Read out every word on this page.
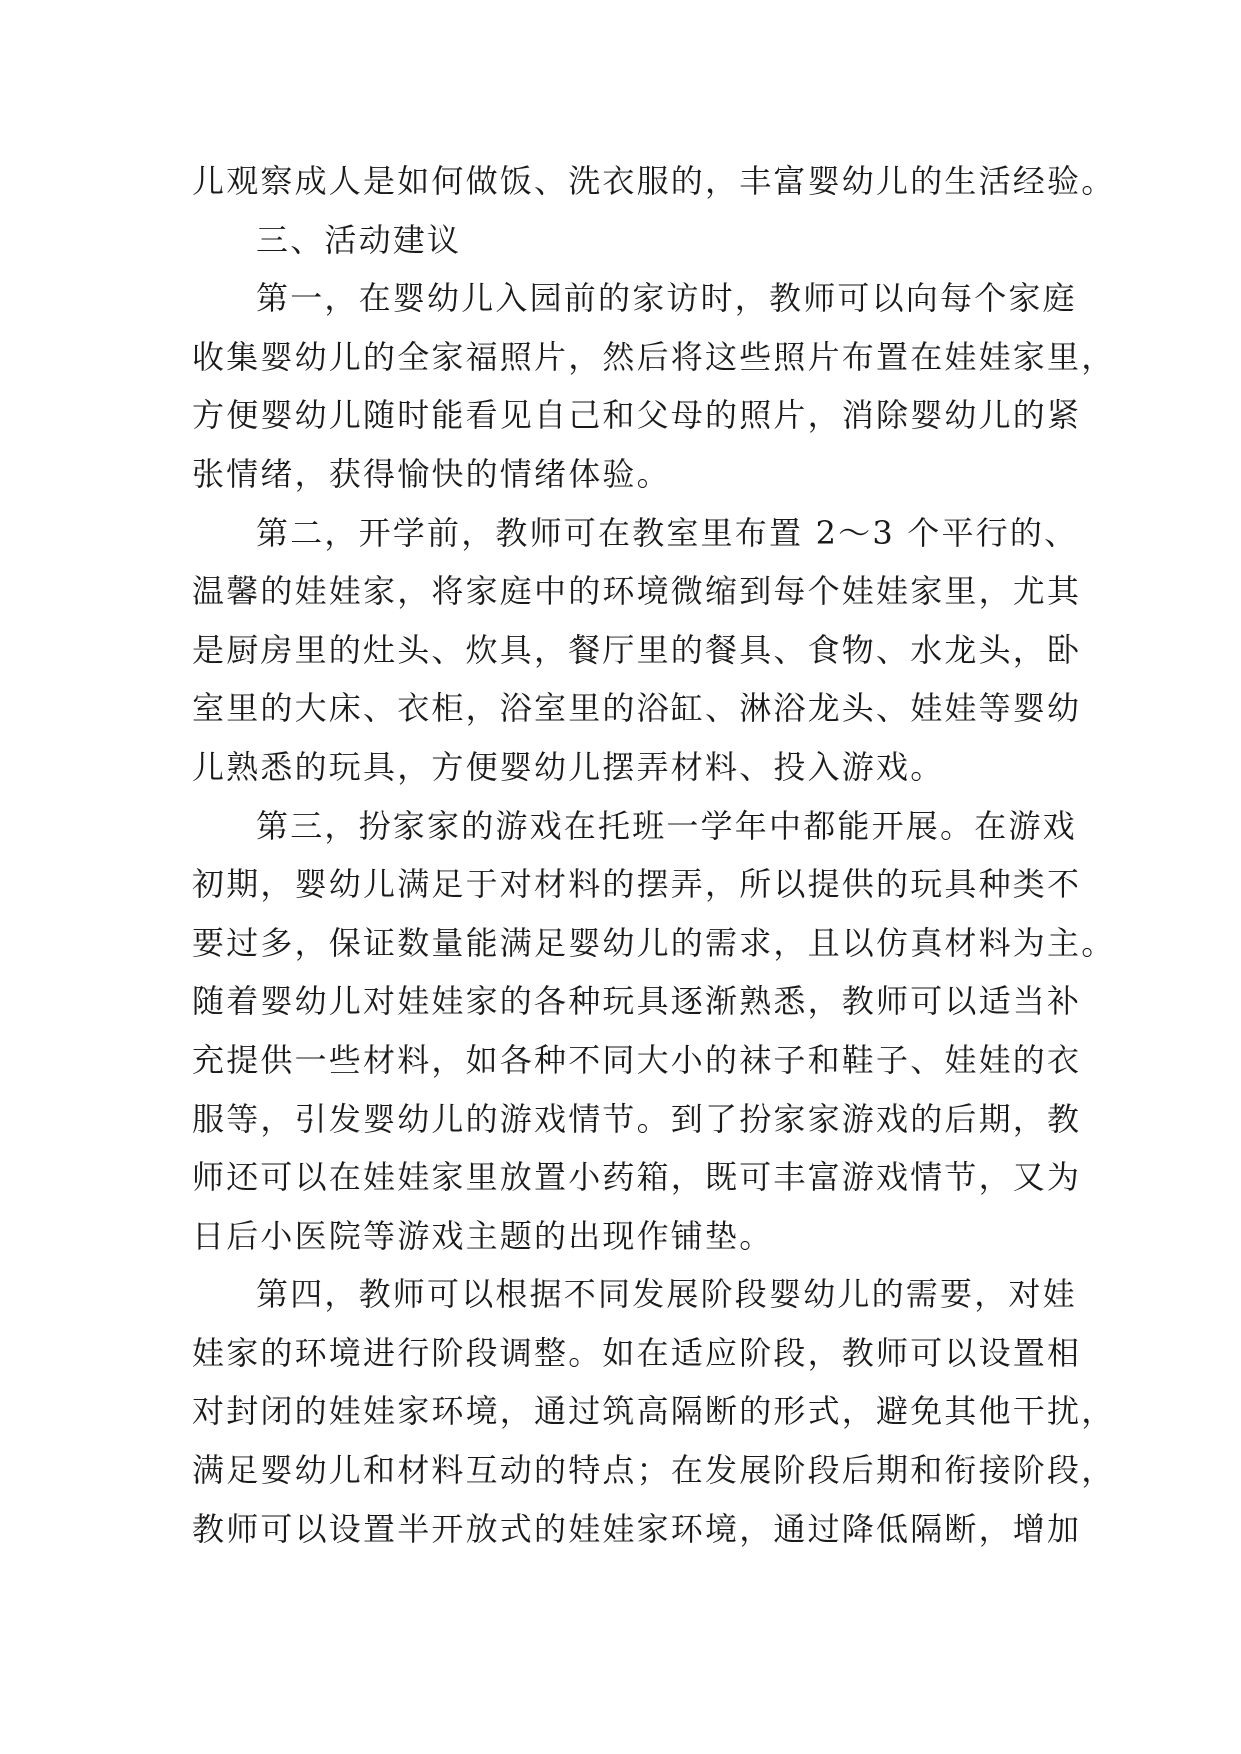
儿观察成人是如何做饭、洗衣服的，丰富婴幼儿的生活经验。
三、活动建议
第一，在婴幼儿入园前的家访时，教师可以向每个家庭
收集婴幼儿的全家福照片，然后将这些照片布置在娃娃家里，
方便婴幼儿随时能看见自己和父母的照片，消除婴幼儿的紧
张情绪，获得愉快的情绪体验。
第二，开学前，教师可在教室里布置 2～3 个平行的、
温馨的娃娃家，将家庭中的环境微缩到每个娃娃家里，尤其
是厨房里的灶头、炊具，餐厅里的餐具、食物、水龙头，卧
室里的大床、衣柜，浴室里的浴缸、淋浴龙头、娃娃等婴幼
儿熟悉的玩具，方便婴幼儿摆弄材料、投入游戏。
第三，扮家家的游戏在托班一学年中都能开展。在游戏
初期，婴幼儿满足于对材料的摆弄，所以提供的玩具种类不
要过多，保证数量能满足婴幼儿的需求，且以仿真材料为主。
随着婴幼儿对娃娃家的各种玩具逐渐熟悉，教师可以适当补
充提供一些材料，如各种不同大小的袜子和鞋子、娃娃的衣
服等，引发婴幼儿的游戏情节。到了扮家家游戏的后期，教
师还可以在娃娃家里放置小药箱，既可丰富游戏情节，又为
日后小医院等游戏主题的出现作铺垫。
第四，教师可以根据不同发展阶段婴幼儿的需要，对娃
娃家的环境进行阶段调整。如在适应阶段，教师可以设置相
对封闭的娃娃家环境，通过筑高隔断的形式，避免其他干扰，
满足婴幼儿和材料互动的特点；在发展阶段后期和衔接阶段，
教师可以设置半开放式的娃娃家环境，通过降低隔断，增加
